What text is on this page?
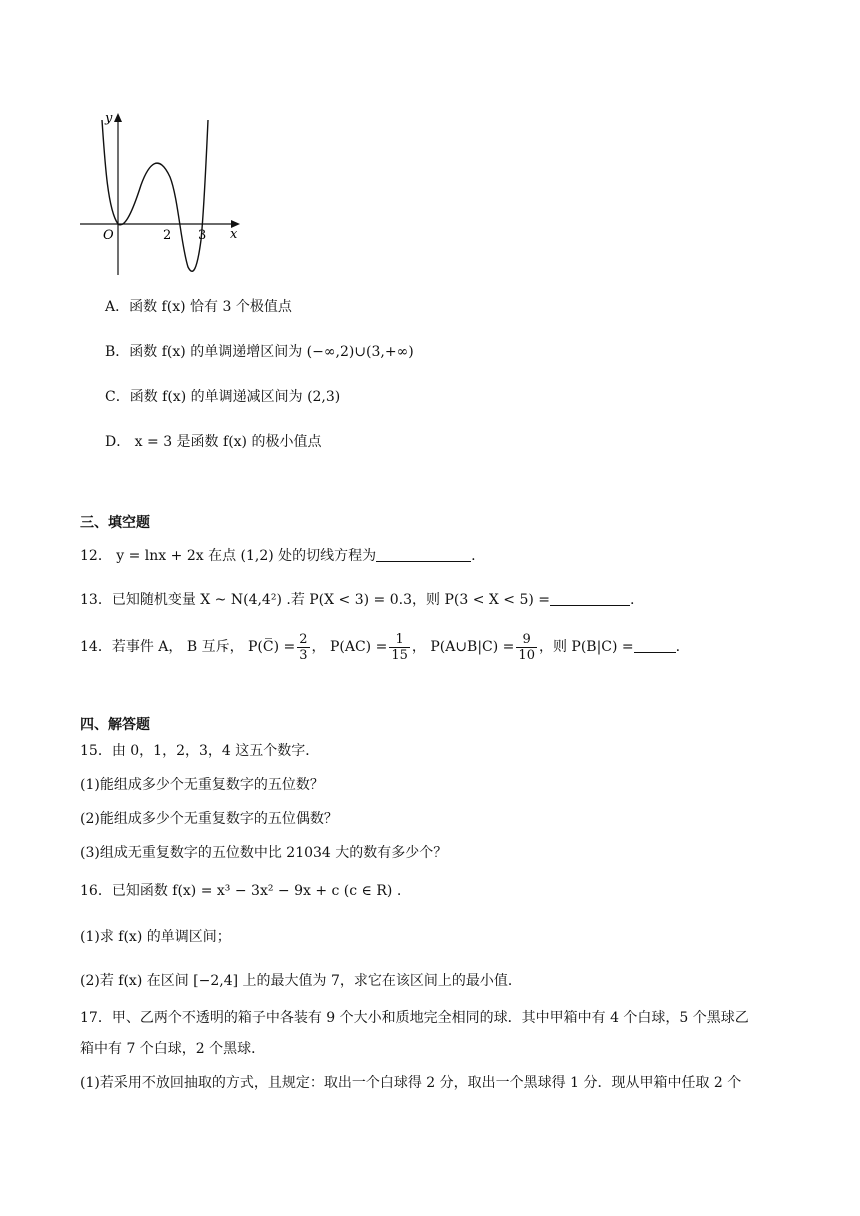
y
x
O	2 3
A．函数 f(x) 恰有 3 个极值点
B．函数 f(x) 的单调递增区间为 (−∞,2)∪(3,+∞)
C．函数 f(x) 的单调递减区间为 (2,3)
D． x = 3 是函数 f(x) 的极小值点
三、填空题
12． y = lnx + 2x 在点 (1,2) 处的切线方程为	.
13．已知随机变量 X ~ N(4,4²) .若 P(X < 3) = 0.3，则 P(3 < X < 5) =	.
14．若事件 A， B 互斥， P(C̅) = $\frac{2}{3}$ ， $P(AC) = \frac{1}{15}$ ， P(A∪B|C) = $\frac{9}{10}$ ，则 P(B|C) =	.
四、解答题
15．由 0，1，2，3，4 这五个数字．
(1)能组成多少个无重复数字的五位数？
(2)能组成多少个无重复数字的五位偶数？
(3)组成无重复数字的五位数中比 21034 大的数有多少个？
16．已知函数 f(x) = x³ − 3x² − 9x + c (c ∈ R) .
(1)求 f(x) 的单调区间；
(2)若 f(x) 在区间 [−2,4] 上的最大值为 7，求它在该区间上的最小值．
17．甲、乙两个不透明的箱子中各装有 9 个大小和质地完全相同的球．其中甲箱中有 4 个白球，5 个黑球乙
箱中有 7 个白球，2 个黑球．
(1)若采用不放回抽取的方式，且规定：取出一个白球得 2 分，取出一个黑球得 1 分．现从甲箱中任取 2 个
